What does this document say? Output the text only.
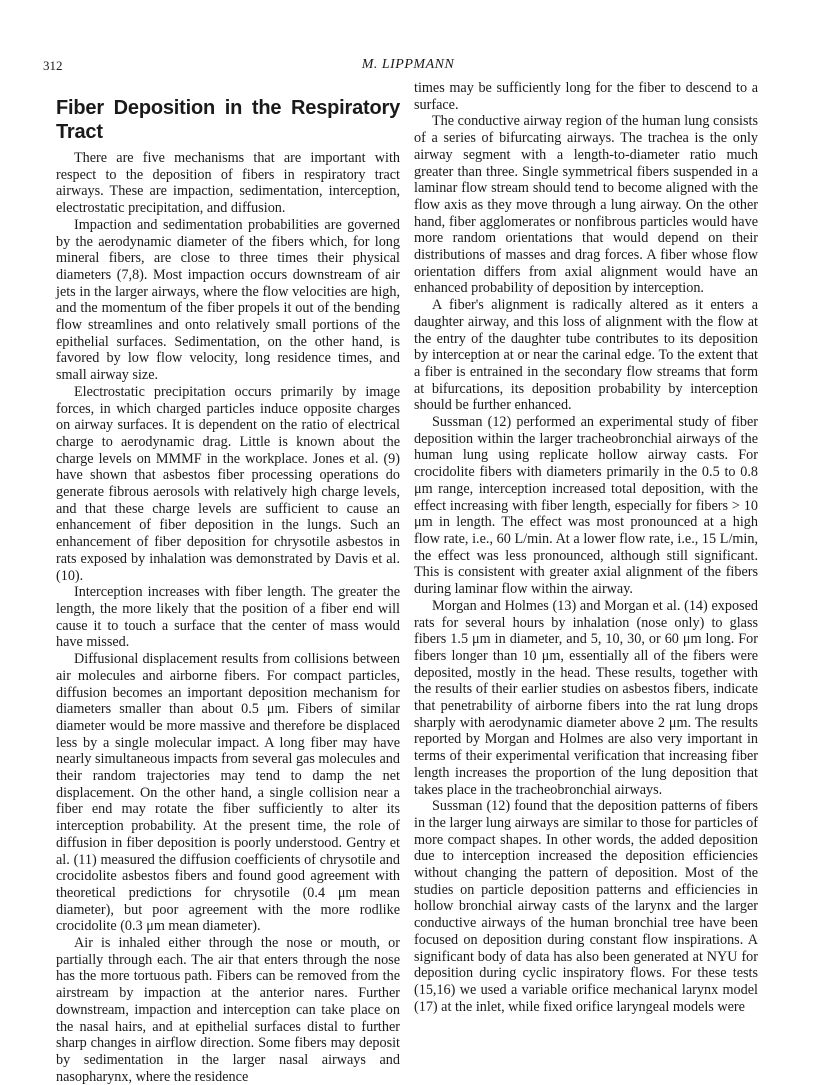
312	M. LIPPMANN
Fiber Deposition in the Respiratory Tract

There are five mechanisms that are important with respect to the deposition of fibers in respiratory tract airways. These are impaction, sedimentation, interception, electrostatic precipitation, and diffusion.

Impaction and sedimentation probabilities are governed by the aerodynamic diameter of the fibers which, for long mineral fibers, are close to three times their physical diameters (7,8). Most impaction occurs downstream of air jets in the larger airways, where the flow velocities are high, and the momentum of the fiber propels it out of the bending flow streamlines and onto relatively small portions of the epithelial surfaces. Sedimentation, on the other hand, is favored by low flow velocity, long residence times, and small airway size.

Electrostatic precipitation occurs primarily by image forces, in which charged particles induce opposite charges on airway surfaces. It is dependent on the ratio of electrical charge to aerodynamic drag. Little is known about the charge levels on MMMF in the workplace. Jones et al. (9) have shown that asbestos fiber processing operations do generate fibrous aerosols with relatively high charge levels, and that these charge levels are sufficient to cause an enhancement of fiber deposition in the lungs. Such an enhancement of fiber deposition for chrysotile asbestos in rats exposed by inhalation was demonstrated by Davis et al. (10).

Interception increases with fiber length. The greater the length, the more likely that the position of a fiber end will cause it to touch a surface that the center of mass would have missed.

Diffusional displacement results from collisions between air molecules and airborne fibers. For compact particles, diffusion becomes an important deposition mechanism for diameters smaller than about 0.5 μm. Fibers of similar diameter would be more massive and therefore be displaced less by a single molecular impact. A long fiber may have nearly simultaneous impacts from several gas molecules and their random trajectories may tend to damp the net displacement. On the other hand, a single collision near a fiber end may rotate the fiber sufficiently to alter its interception probability. At the present time, the role of diffusion in fiber deposition is poorly understood. Gentry et al. (11) measured the diffusion coefficients of chrysotile and crocidolite asbestos fibers and found good agreement with theoretical predictions for chrysotile (0.4 μm mean diameter), but poor agreement with the more rodlike crocidolite (0.3 μm mean diameter).

Air is inhaled either through the nose or mouth, or partially through each. The air that enters through the nose has the more tortuous path. Fibers can be removed from the airstream by impaction at the anterior nares. Further downstream, impaction and interception can take place on the nasal hairs, and at epithelial surfaces distal to further sharp changes in airflow direction. Some fibers may deposit by sedimentation in the larger nasal airways and nasopharynx, where the residence

times may be sufficiently long for the fiber to descend to a surface.

The conductive airway region of the human lung consists of a series of bifurcating airways. The trachea is the only airway segment with a length-to-diameter ratio much greater than three. Single symmetrical fibers suspended in a laminar flow stream should tend to become aligned with the flow axis as they move through a lung airway. On the other hand, fiber agglomerates or nonfibrous particles would have more random orientations that would depend on their distributions of masses and drag forces. A fiber whose flow orientation differs from axial alignment would have an enhanced probability of deposition by interception.

A fiber's alignment is radically altered as it enters a daughter airway, and this loss of alignment with the flow at the entry of the daughter tube contributes to its deposition by interception at or near the carinal edge. To the extent that a fiber is entrained in the secondary flow streams that form at bifurcations, its deposition probability by interception should be further enhanced.

Sussman (12) performed an experimental study of fiber deposition within the larger tracheobronchial airways of the human lung using replicate hollow airway casts. For crocidolite fibers with diameters primarily in the 0.5 to 0.8 μm range, interception increased total deposition, with the effect increasing with fiber length, especially for fibers > 10 μm in length. The effect was most pronounced at a high flow rate, i.e., 60 L/min. At a lower flow rate, i.e., 15 L/min, the effect was less pronounced, although still significant. This is consistent with greater axial alignment of the fibers during laminar flow within the airway.

Morgan and Holmes (13) and Morgan et al. (14) exposed rats for several hours by inhalation (nose only) to glass fibers 1.5 μm in diameter, and 5, 10, 30, or 60 μm long. For fibers longer than 10 μm, essentially all of the fibers were deposited, mostly in the head. These results, together with the results of their earlier studies on asbestos fibers, indicate that penetrability of airborne fibers into the rat lung drops sharply with aerodynamic diameter above 2 μm. The results reported by Morgan and Holmes are also very important in terms of their experimental verification that increasing fiber length increases the proportion of the lung deposition that takes place in the tracheobronchial airways.

Sussman (12) found that the deposition patterns of fibers in the larger lung airways are similar to those for particles of more compact shapes. In other words, the added deposition due to interception increased the deposition efficiencies without changing the pattern of deposition. Most of the studies on particle deposition patterns and efficiencies in hollow bronchial airway casts of the larynx and the larger conductive airways of the human bronchial tree have been focused on deposition during constant flow inspirations. A significant body of data has also been generated at NYU for deposition during cyclic inspiratory flows. For these tests (15,16) we used a variable orifice mechanical larynx model (17) at the inlet, while fixed orifice laryngeal models were
